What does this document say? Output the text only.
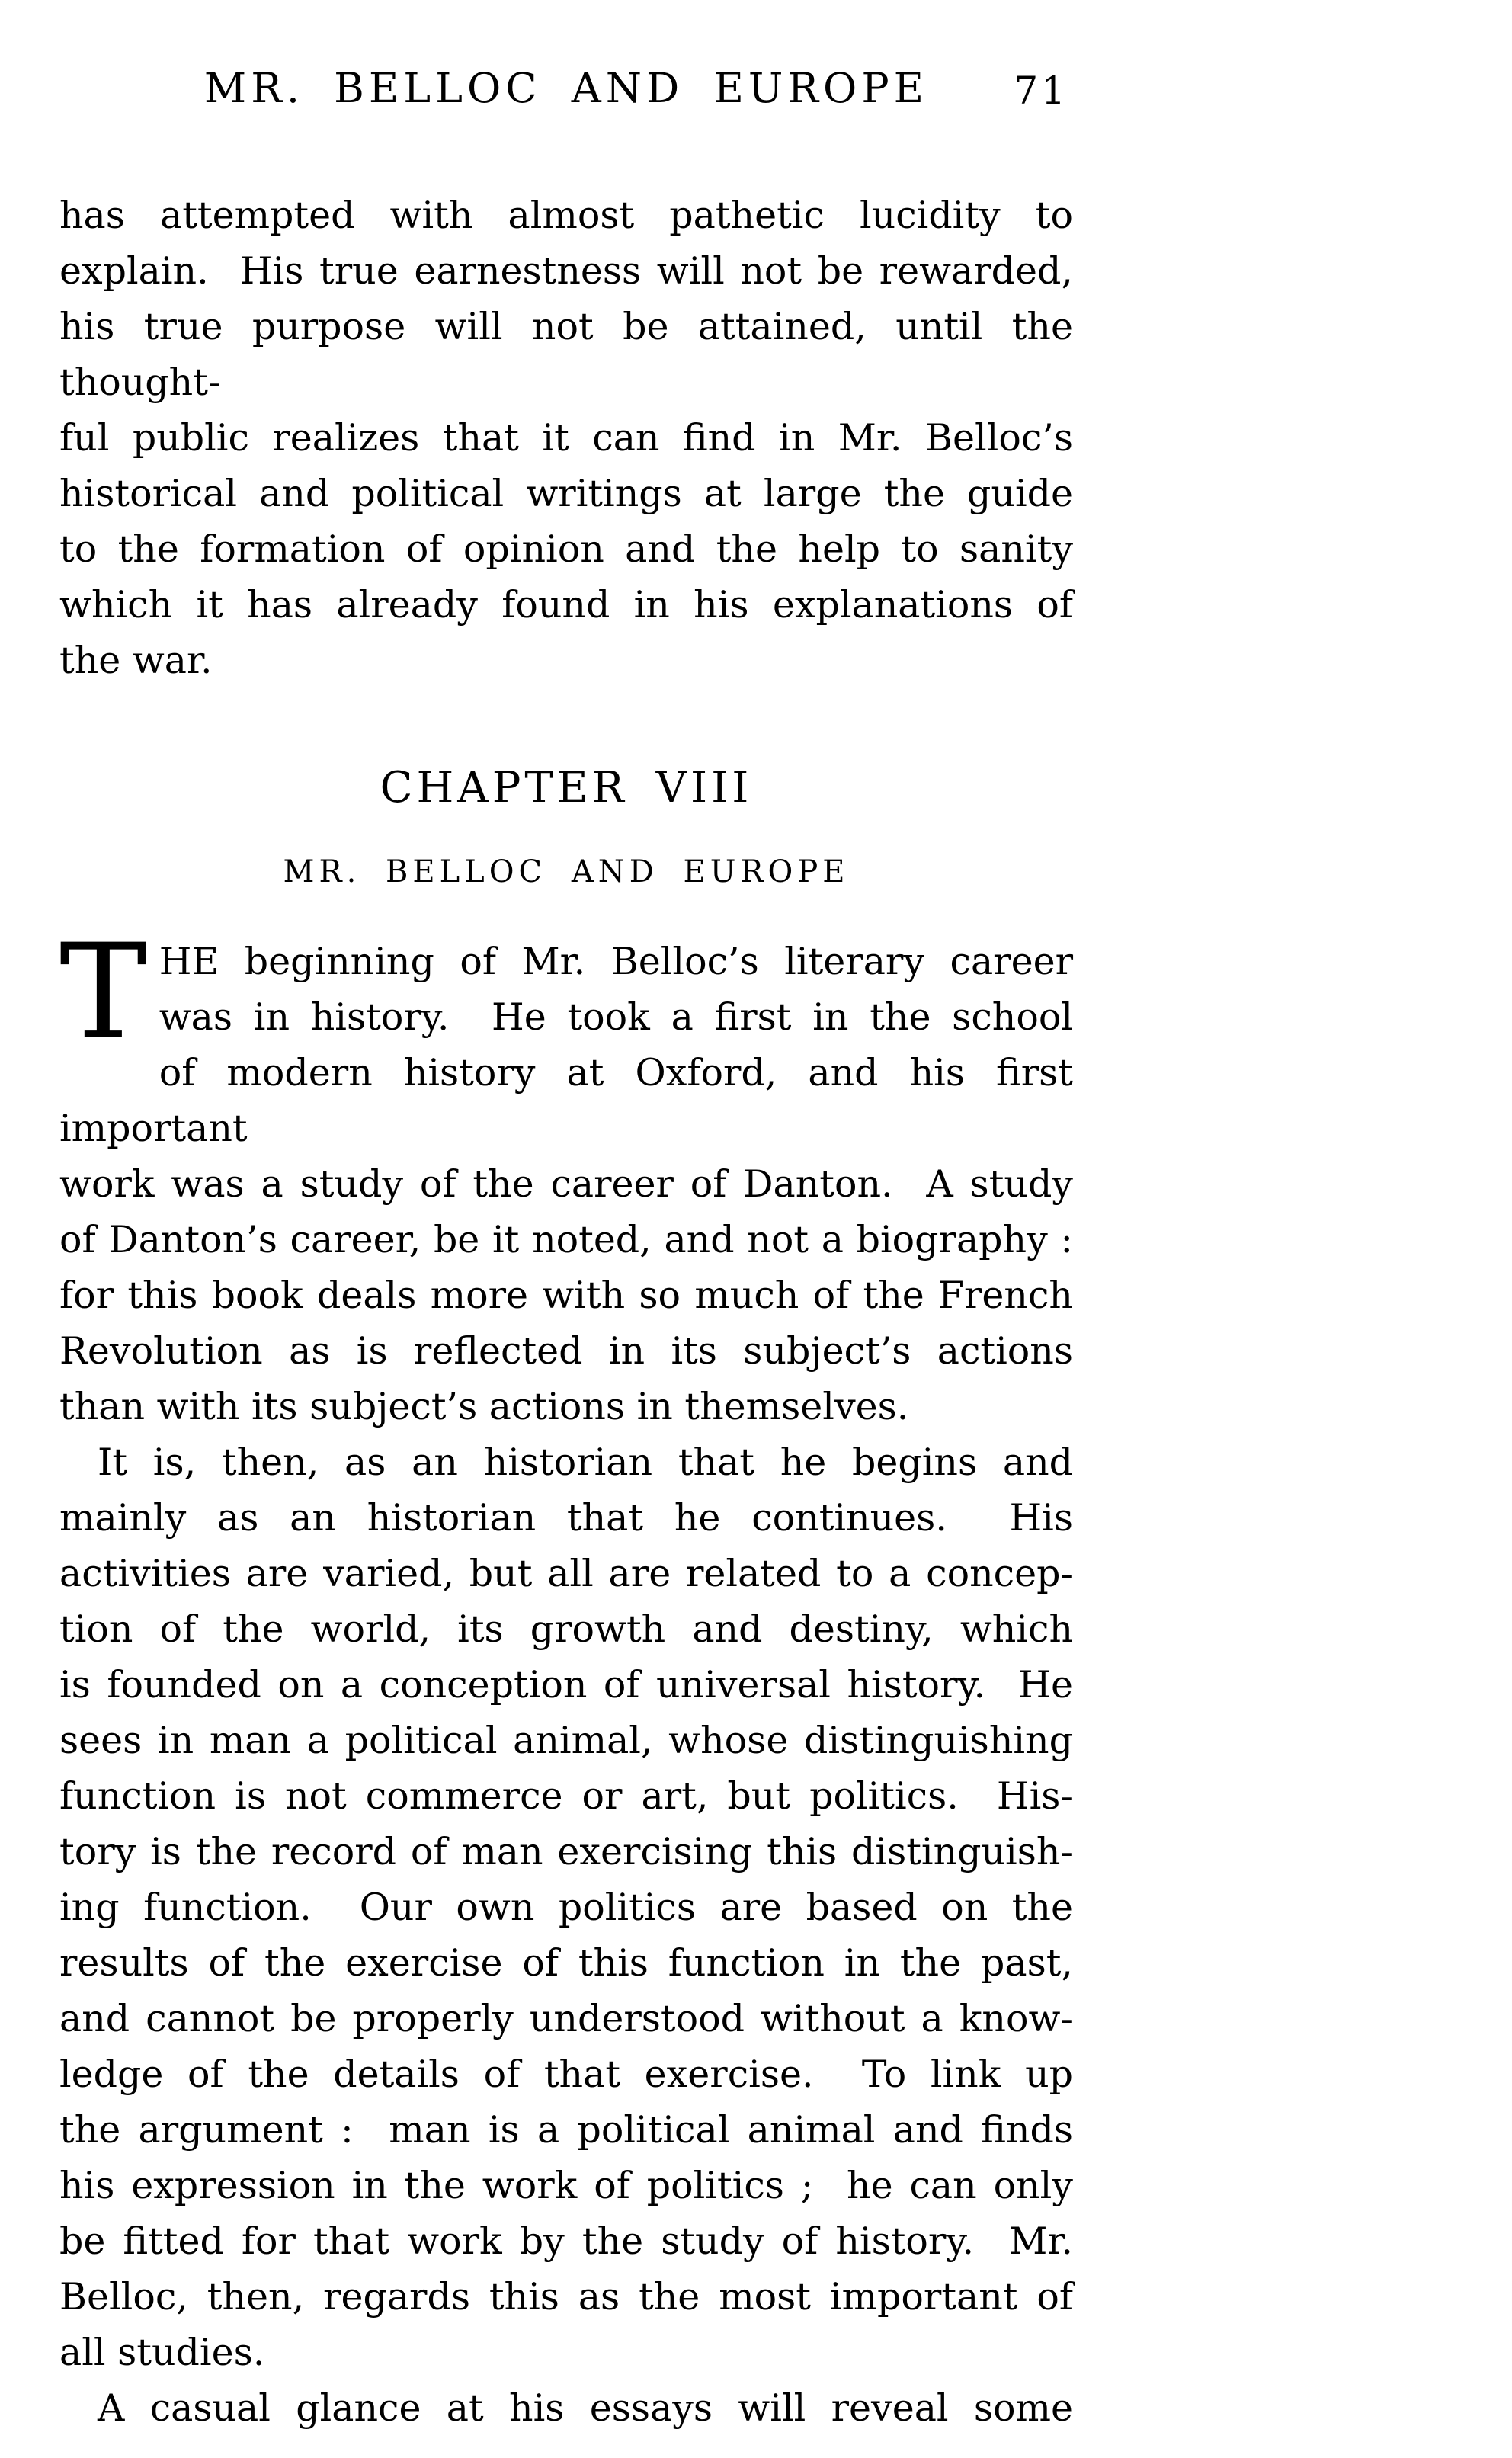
MR. BELLOC AND EUROPE	71
has attempted with almost pathetic lucidity to
explain.  His true earnestness will not be rewarded,
his true purpose will not be attained, until the thought-
ful public realizes that it can find in Mr. Belloc’s
historical and political writings at large the guide
to the formation of opinion and the help to sanity
which it has already found in his explanations of
the war.
CHAPTER VIII
MR. BELLOC AND EUROPE
T HE beginning of Mr. Belloc’s literary career
was in history.  He took a first in the school
of modern history at Oxford, and his first important
work was a study of the career of Danton.  A study
of Danton’s career, be it noted, and not a biography :
for this book deals more with so much of the French
Revolution as is reflected in its subject’s actions
than with its subject’s actions in themselves.
It is, then, as an historian that he begins and
mainly as an historian that he continues.  His
activities are varied, but all are related to a concep-
tion of the world, its growth and destiny, which
is founded on a conception of universal history.  He
sees in man a political animal, whose distinguishing
function is not commerce or art, but politics.  His-
tory is the record of man exercising this distinguish-
ing function.  Our own politics are based on the
results of the exercise of this function in the past,
and cannot be properly understood without a know-
ledge of the details of that exercise.  To link up
the argument :  man is a political animal and finds
his expression in the work of politics ;  he can only
be fitted for that work by the study of history.  Mr.
Belloc, then, regards this as the most important of
all studies.
A casual glance at his essays will reveal some
